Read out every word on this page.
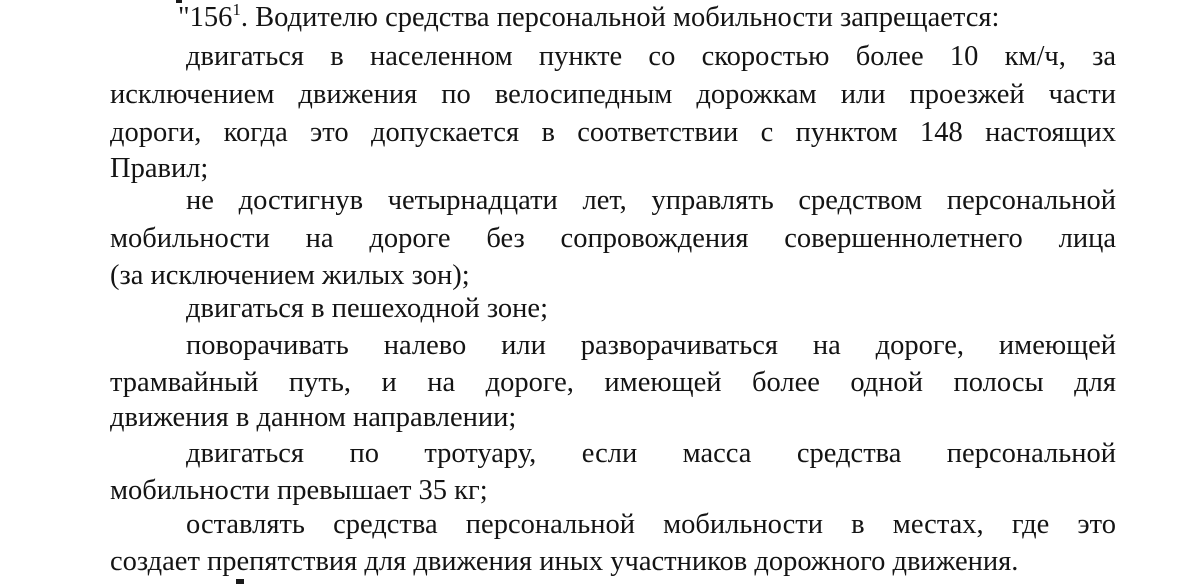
"$156^1$. Водителю средства персональной мобильности запрещается:
двигаться в населенном пункте со скоростью более 10 км/ч, за
исключением движения по велосипедным дорожкам или проезжей части
дороги, когда это допускается в соответствии с пунктом 148 настоящих
Правил;
не достигнув четырнадцати лет, управлять средством персональной
мобильности на дороге без сопровождения совершеннолетнего лица
(за исключением жилых зон);
двигаться в пешеходной зоне;
поворачивать налево или разворачиваться на дороге, имеющей
трамвайный путь, и на дороге, имеющей более одной полосы для
движения в данном направлении;
двигаться по тротуару, если масса средства персональной
мобильности превышает 35 кг;
оставлять средства персональной мобильности в местах, где это
создает препятствия для движения иных участников дорожного движения.
